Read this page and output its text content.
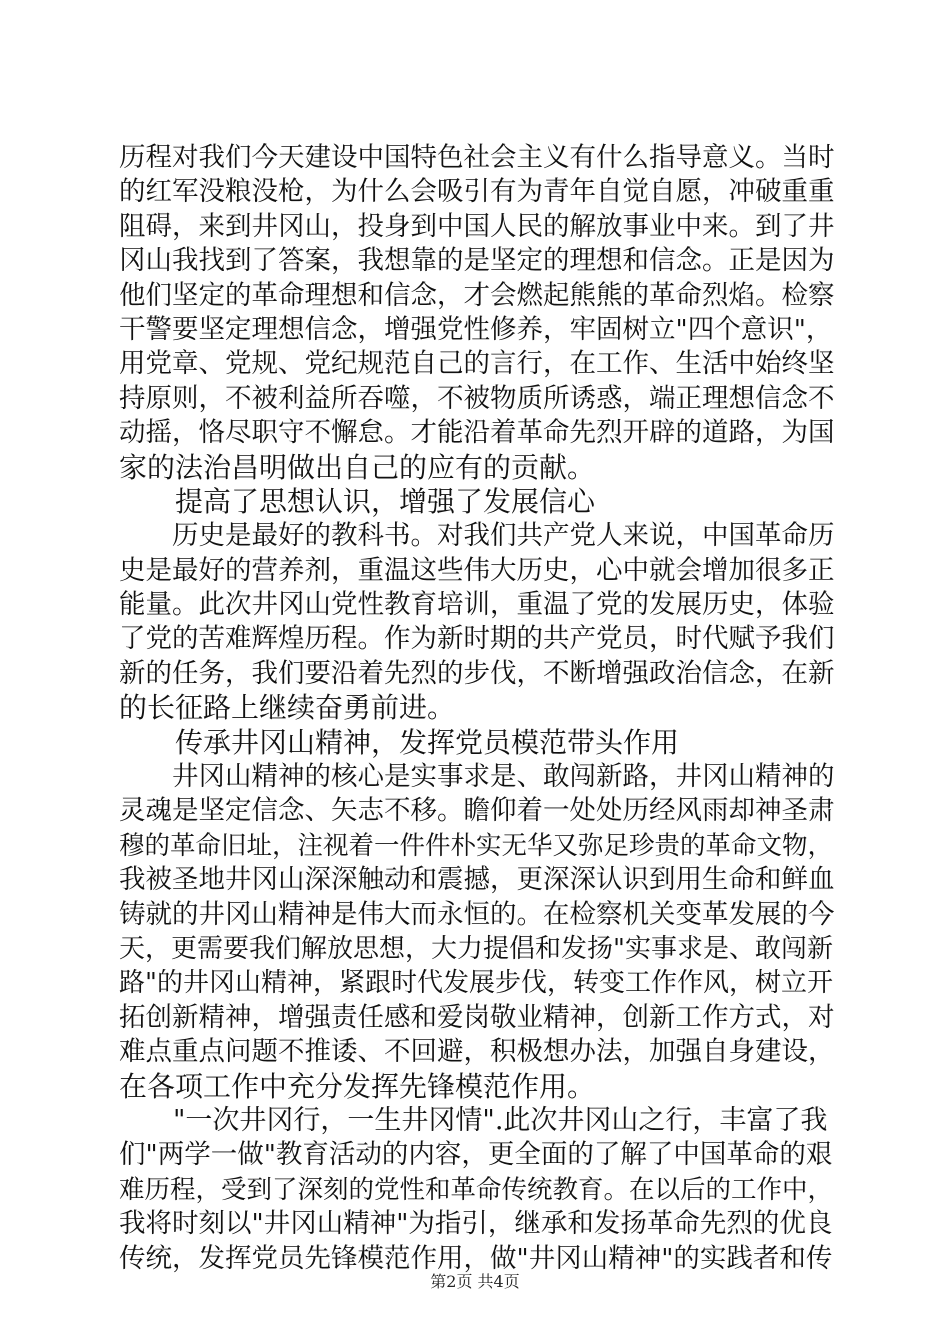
历程对我们今天建设中国特色社会主义有什么指导意义。当时
的红军没粮没枪，为什么会吸引有为青年自觉自愿，冲破重重
阻碍，来到井冈山，投身到中国人民的解放事业中来。到了井
冈山我找到了答案，我想靠的是坚定的理想和信念。正是因为
他们坚定的革命理想和信念，才会燃起熊熊的革命烈焰。检察
干警要坚定理想信念，增强党性修养，牢固树立"四个意识"，
用党章、党规、党纪规范自己的言行，在工作、生活中始终坚
持原则，不被利益所吞噬，不被物质所诱惑，端正理想信念不
动摇，恪尽职守不懈怠。才能沿着革命先烈开辟的道路，为国
家的法治昌明做出自己的应有的贡献。
　　提高了思想认识，增强了发展信心
　　历史是最好的教科书。对我们共产党人来说，中国革命历
史是最好的营养剂，重温这些伟大历史，心中就会增加很多正
能量。此次井冈山党性教育培训，重温了党的发展历史，体验
了党的苦难辉煌历程。作为新时期的共产党员，时代赋予我们
新的任务，我们要沿着先烈的步伐，不断增强政治信念，在新
的长征路上继续奋勇前进。
　　传承井冈山精神，发挥党员模范带头作用
　　井冈山精神的核心是实事求是、敢闯新路，井冈山精神的
灵魂是坚定信念、矢志不移。瞻仰着一处处历经风雨却神圣肃
穆的革命旧址，注视着一件件朴实无华又弥足珍贵的革命文物，
我被圣地井冈山深深触动和震撼，更深深认识到用生命和鲜血
铸就的井冈山精神是伟大而永恒的。在检察机关变革发展的今
天，更需要我们解放思想，大力提倡和发扬"实事求是、敢闯新
路"的井冈山精神，紧跟时代发展步伐，转变工作作风，树立开
拓创新精神，增强责任感和爱岗敬业精神，创新工作方式，对
难点重点问题不推诿、不回避，积极想办法，加强自身建设，
在各项工作中充分发挥先锋模范作用。
　　"一次井冈行，一生井冈情".此次井冈山之行，丰富了我
们"两学一做"教育活动的内容，更全面的了解了中国革命的艰
难历程，受到了深刻的党性和革命传统教育。在以后的工作中，
我将时刻以"井冈山精神"为指引，继承和发扬革命先烈的优良
传统，发挥党员先锋模范作用，做"井冈山精神"的实践者和传
第2页 共4页
